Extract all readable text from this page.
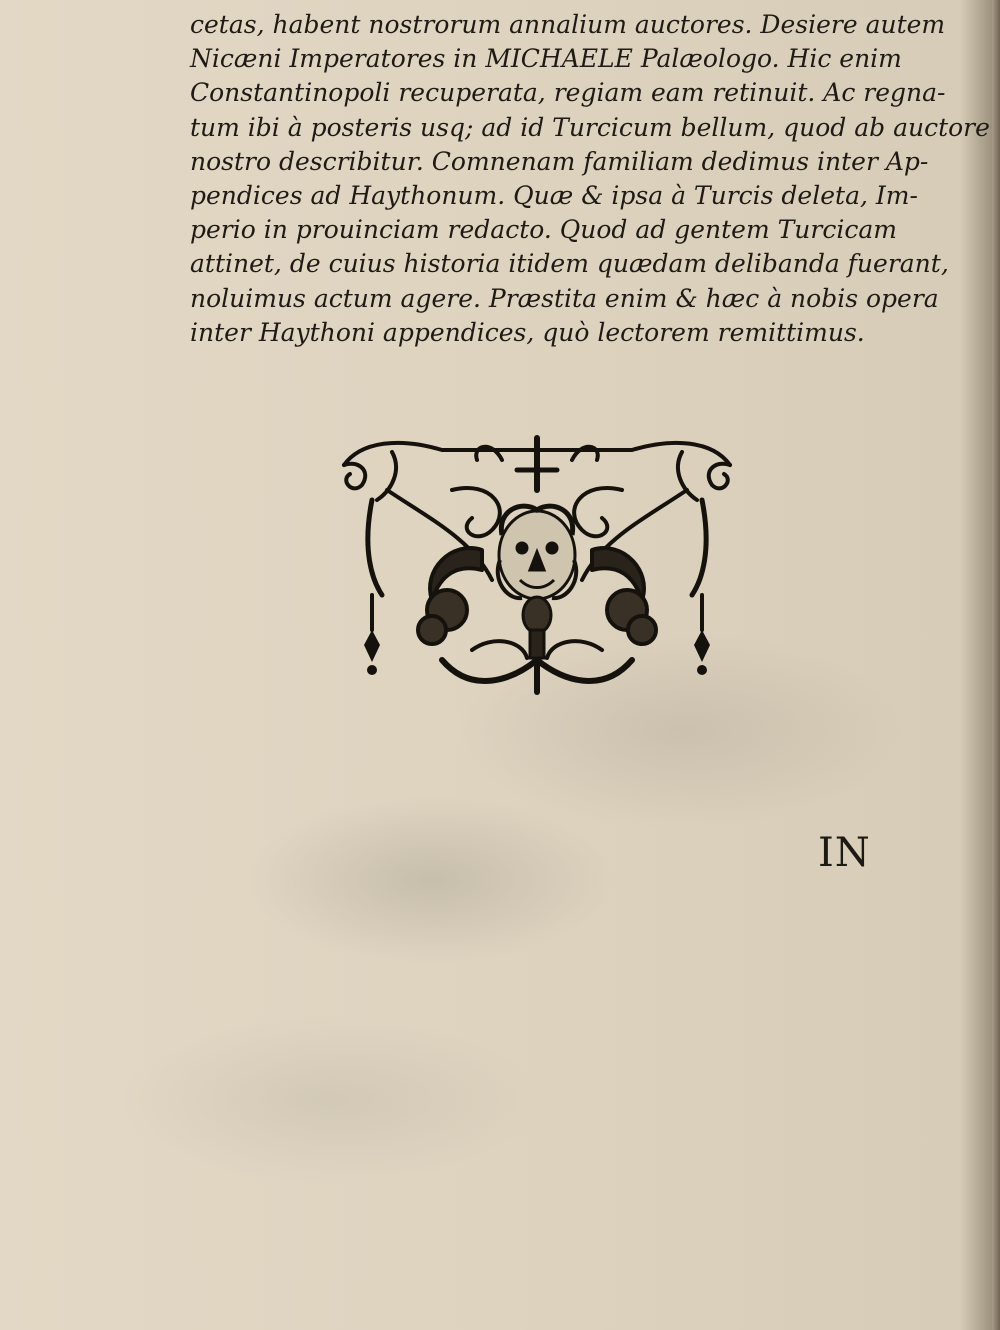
cetas, habent nostrorum annalium auctores. Desiere autem
Nicæni Imperatores in MICHAELE Palæologo. Hic enim
Constantinopoli recuperata, regiam eam retinuit. Ac regna-
tum ibi à posteris usq; ad id Turcicum bellum, quod ab auctore
nostro describitur. Comnenam familiam dedimus inter Ap-
pendices ad Haythonum. Quæ & ipsa à Turcis deleta, Im-
perio in prouinciam redacto. Quod ad gentem Turcicam
attinet, de cuius historia itidem quædam delibanda fuerant,
noluimus actum agere. Præstita enim & hæc à nobis opera
inter Haythoni appendices, quò lectorem remittimus.
IN
